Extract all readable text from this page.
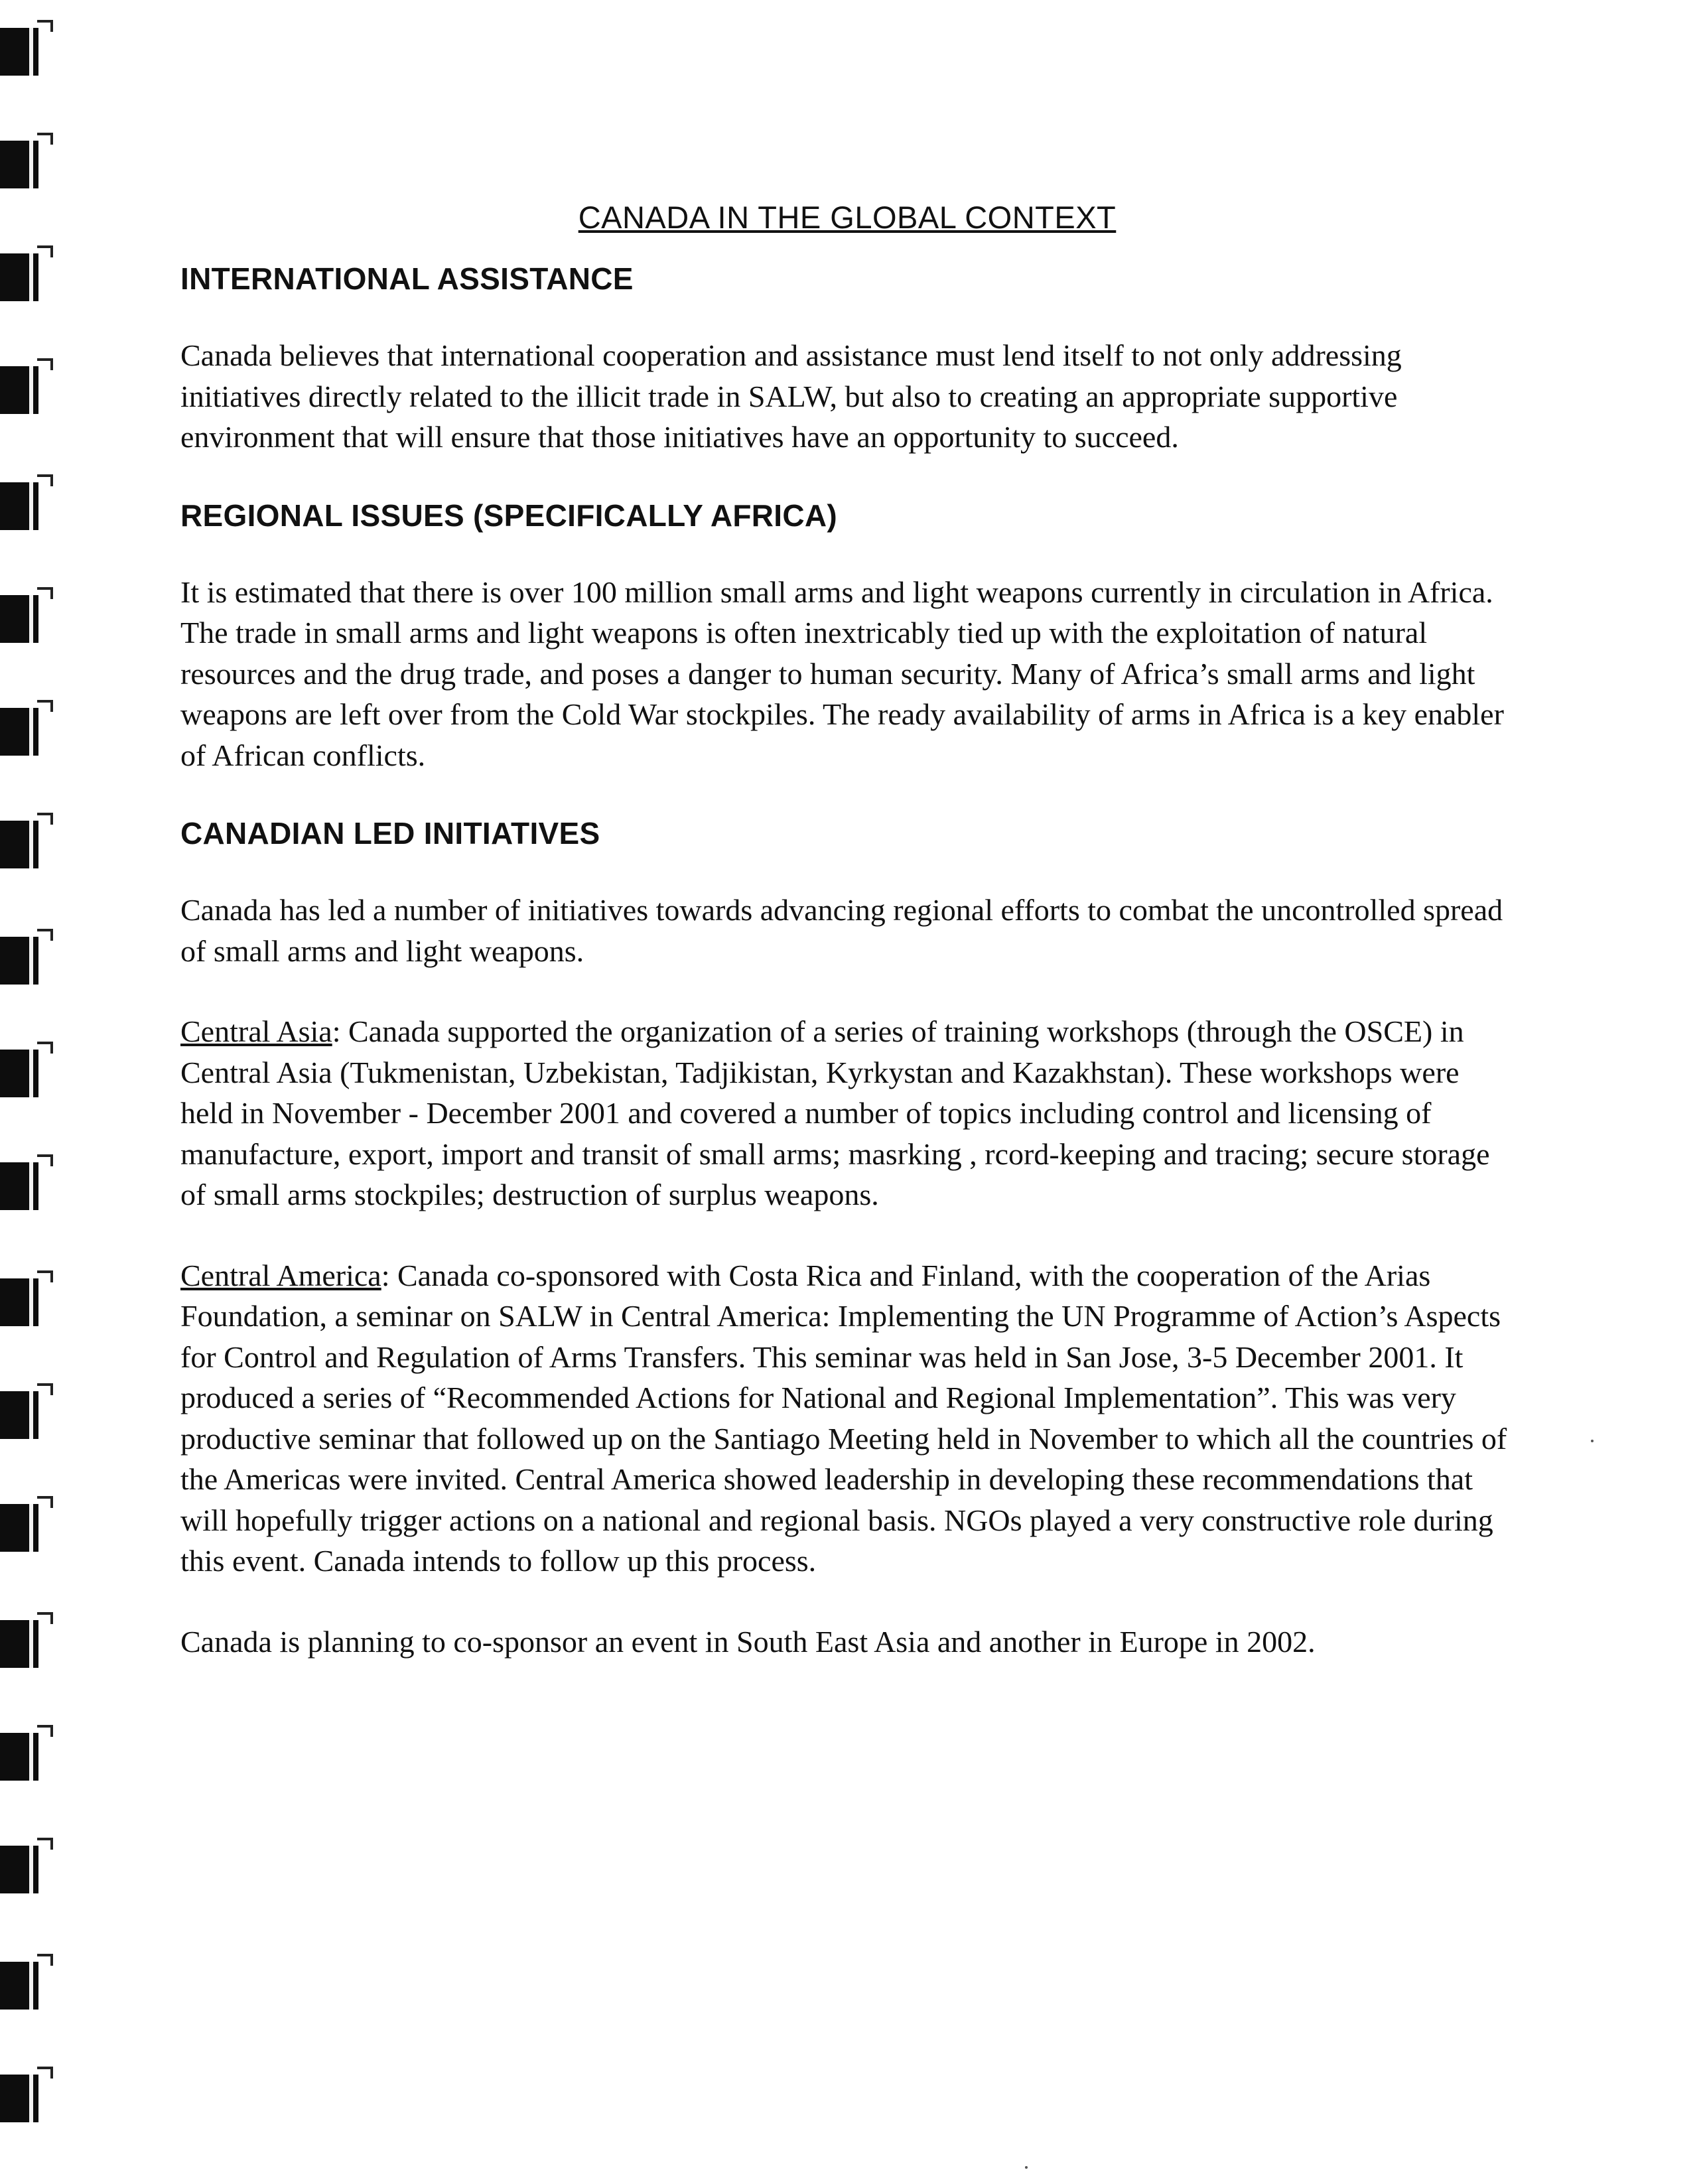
CANADA IN THE GLOBAL CONTEXT
INTERNATIONAL ASSISTANCE

Canada believes that international cooperation and assistance must lend itself to not only addressing initiatives directly related to the illicit trade in SALW, but also to creating an appropriate supportive environment that will ensure that those initiatives have an opportunity to succeed.

REGIONAL ISSUES (SPECIFICALLY AFRICA)

It is estimated that there is over 100 million small arms and light weapons currently in circulation in Africa. The trade in small arms and light weapons is often inextricably tied up with the exploitation of natural resources and the drug trade, and poses a danger to human security. Many of Africa’s small arms and light weapons are left over from the Cold War stockpiles. The ready availability of arms in Africa is a key enabler of African conflicts.

CANADIAN LED INITIATIVES

Canada has led a number of initiatives towards advancing regional efforts to combat the uncontrolled spread of small arms and light weapons.

Central Asia: Canada supported the organization of a series of training workshops (through the OSCE) in Central Asia (Tukmenistan, Uzbekistan, Tadjikistan, Kyrkystan and Kazakhstan). These workshops were held in November - December 2001 and covered a number of topics including control and licensing of manufacture, export, import and transit of small arms; masrking , rcord-keeping and tracing; secure storage of small arms stockpiles; destruction of surplus weapons.

Central America: Canada co-sponsored with Costa Rica and Finland, with the cooperation of the Arias Foundation, a seminar on SALW in Central America: Implementing the UN Programme of Action’s Aspects for Control and Regulation of Arms Transfers. This seminar was held in San Jose, 3-5 December 2001. It produced a series of “Recommended Actions for National and Regional Implementation”. This was very productive seminar that followed up on the Santiago Meeting held in November to which all the countries of the Americas were invited. Central America showed leadership in developing these recommendations that will hopefully trigger actions on a national and regional basis. NGOs played a very constructive role during this event. Canada intends to follow up this process.

Canada is planning to co-sponsor an event in South East Asia and another in Europe in 2002.
